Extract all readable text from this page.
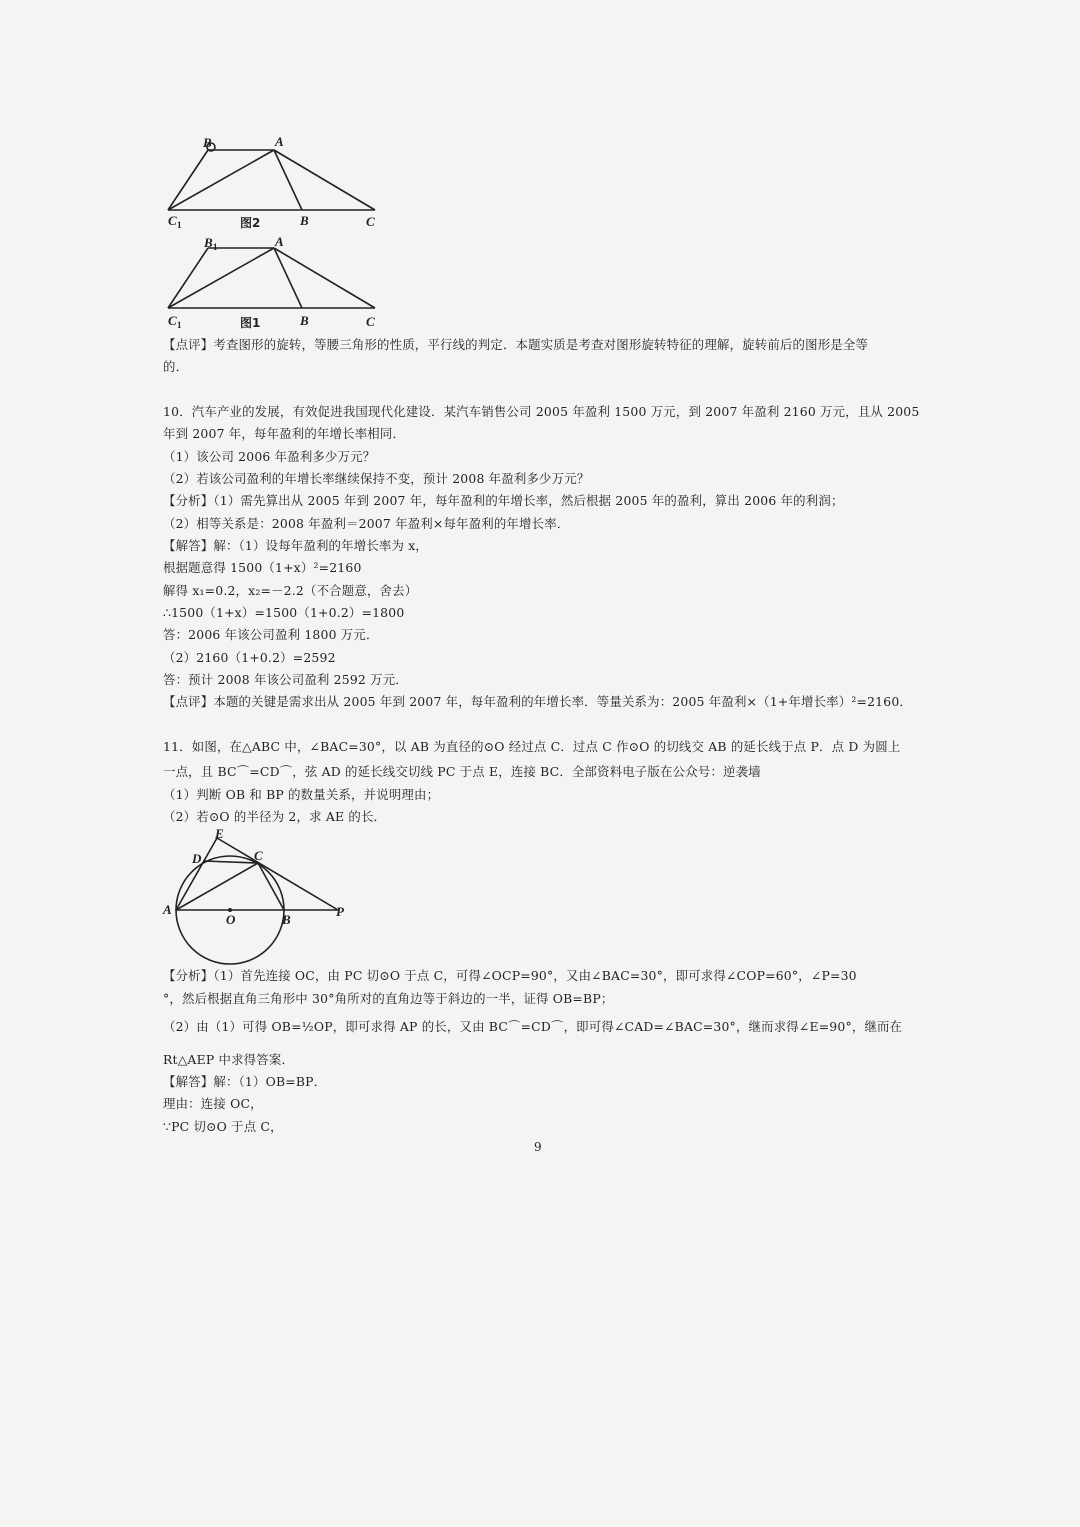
B	A
C 1	图2	B	C
B 1	A
C 1	图1	B	C
【点评】考查图形的旋转，等腰三角形的性质，平行线的判定．本题实质是考查对图形旋转特征的理解，旋转前后的图形是全等
的．
10．汽车产业的发展，有效促进我国现代化建设．某汽车销售公司 2005 年盈利 1500 万元，到 2007 年盈利 2160 万元，且从 2005
年到 2007 年，每年盈利的年增长率相同．
（1）该公司 2006 年盈利多少万元？
（2）若该公司盈利的年增长率继续保持不变，预计 2008 年盈利多少万元？
【分析】（1）需先算出从 2005 年到 2007 年，每年盈利的年增长率，然后根据 2005 年的盈利，算出 2006 年的利润；
（2）相等关系是：2008 年盈利＝2007 年盈利×每年盈利的年增长率．
【解答】解：（1）设每年盈利的年增长率为 x，
根据题意得 1500（1+x）²=2160
解得 x₁=0.2，x₂=－2.2（不合题意，舍去）
∴1500（1+x）=1500（1+0.2）=1800
答：2006 年该公司盈利 1800 万元．
（2）2160（1+0.2）=2592
答：预计 2008 年该公司盈利 2592 万元．
【点评】本题的关键是需求出从 2005 年到 2007 年，每年盈利的年增长率．等量关系为：2005 年盈利×（1+年增长率）²=2160．
11．如图，在△ABC 中，∠BAC=30°，以 AB 为直径的⊙O 经过点 C．过点 C 作⊙O 的切线交 AB 的延长线于点 P．点 D 为圆上
一点，且 BC⌒=CD⌒，弦 AD 的延长线交切线 PC 于点 E，连接 BC．全部资料电子版在公众号：逆袭墙
（1）判断 OB 和 BP 的数量关系，并说明理由；
（2）若⊙O 的半径为 2，求 AE 的长．
E
D	C
A
O	B
P
【分析】（1）首先连接 OC，由 PC 切⊙O 于点 C，可得∠OCP=90°，又由∠BAC=30°，即可求得∠COP=60°，∠P=30
°，然后根据直角三角形中 30°角所对的直角边等于斜边的一半，证得 OB=BP；
（2）由（1）可得 OB=½OP，即可求得 AP 的长，又由 BC⌒=CD⌒，即可得∠CAD=∠BAC=30°，继而求得∠E=90°，继而在
Rt△AEP 中求得答案．
【解答】解：（1）OB=BP．
理由：连接 OC，
∵PC 切⊙O 于点 C，
9
